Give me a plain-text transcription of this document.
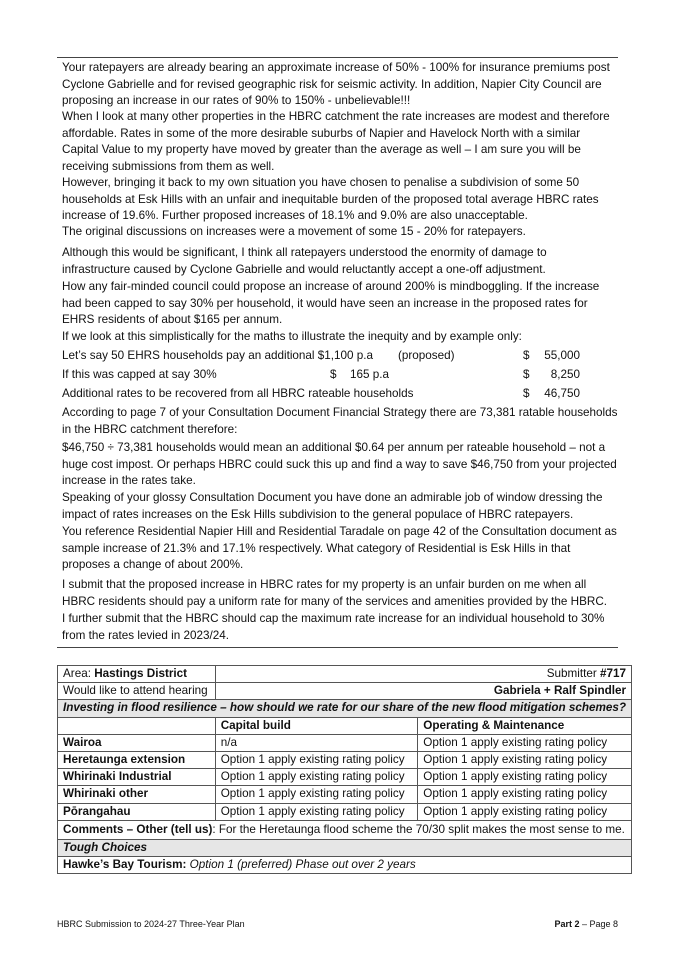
Your ratepayers are already bearing an approximate increase of 50% - 100% for insurance premiums post Cyclone Gabrielle and for revised geographic risk for seismic activity. In addition, Napier City Council are proposing an increase in our rates of 90% to 150% - unbelievable!!!

When I look at many other properties in the HBRC catchment the rate increases are modest and therefore affordable. Rates in some of the more desirable suburbs of Napier and Havelock North with a similar Capital Value to my property have moved by greater than the average as well – I am sure you will be receiving submissions from them as well.

However, bringing it back to my own situation you have chosen to penalise a subdivision of some 50 households at Esk Hills with an unfair and inequitable burden of the proposed total average HBRC rates increase of 19.6%. Further proposed increases of 18.1% and 9.0% are also unacceptable.

The original discussions on increases were a movement of some 15 - 20% for ratepayers.

Although this would be significant, I think all ratepayers understood the enormity of damage to infrastructure caused by Cyclone Gabrielle and would reluctantly accept a one-off adjustment.

How any fair-minded council could propose an increase of around 200% is mindboggling. If the increase had been capped to say 30% per household, it would have seen an increase in the proposed rates for EHRS residents of about $165 per annum.

If we look at this simplistically for the maths to illustrate the inequity and by example only:

Let’s say 50 EHRS households pay an additional $1,100 p.a (proposed)	$ 55,000
If this was capped at say 30%	$ 165 p.a	$ 8,250
Additional rates to be recovered from all HBRC rateable households	$ 46,750

According to page 7 of your Consultation Document Financial Strategy there are 73,381 ratable households in the HBRC catchment therefore:

$46,750 ÷ 73,381 households would mean an additional $0.64 per annum per rateable household – not a huge cost impost. Or perhaps HBRC could suck this up and find a way to save $46,750 from your projected increase in the rates take.

Speaking of your glossy Consultation Document you have done an admirable job of window dressing the impact of rates increases on the Esk Hills subdivision to the general populace of HBRC ratepayers.

You reference Residential Napier Hill and Residential Taradale on page 42 of the Consultation document as sample increase of 21.3% and 17.1% respectively. What category of Residential is Esk Hills in that proposes a change of about 200%.

I submit that the proposed increase in HBRC rates for my property is an unfair burden on me when all HBRC residents should pay a uniform rate for many of the services and amenities provided by the HBRC.

I further submit that the HBRC should cap the maximum rate increase for an individual household to 30% from the rates levied in 2023/24.

Area: Hastings District	Submitter #717	
Would like to attend hearing	Gabriela + Ralf Spindler	
Investing in flood resilience – how should we rate for our share of the new flood mitigation schemes?		
	Capital build	Operating & Maintenance
Wairoa	n/a	Option 1 apply existing rating policy
Heretaunga extension	Option 1 apply existing rating policy	Option 1 apply existing rating policy
Whirinaki Industrial	Option 1 apply existing rating policy	Option 1 apply existing rating policy
Whirinaki other	Option 1 apply existing rating policy	Option 1 apply existing rating policy
Pōrangahau	Option 1 apply existing rating policy	Option 1 apply existing rating policy
Comments – Other (tell us): For the Heretaunga flood scheme the 70/30 split makes the most sense to me.		
Tough Choices		
Hawke’s Bay Tourism: Option 1 (preferred) Phase out over 2 years		
HBRC Submission to 2024-27 Three-Year Plan	Part 2 – Page 8
